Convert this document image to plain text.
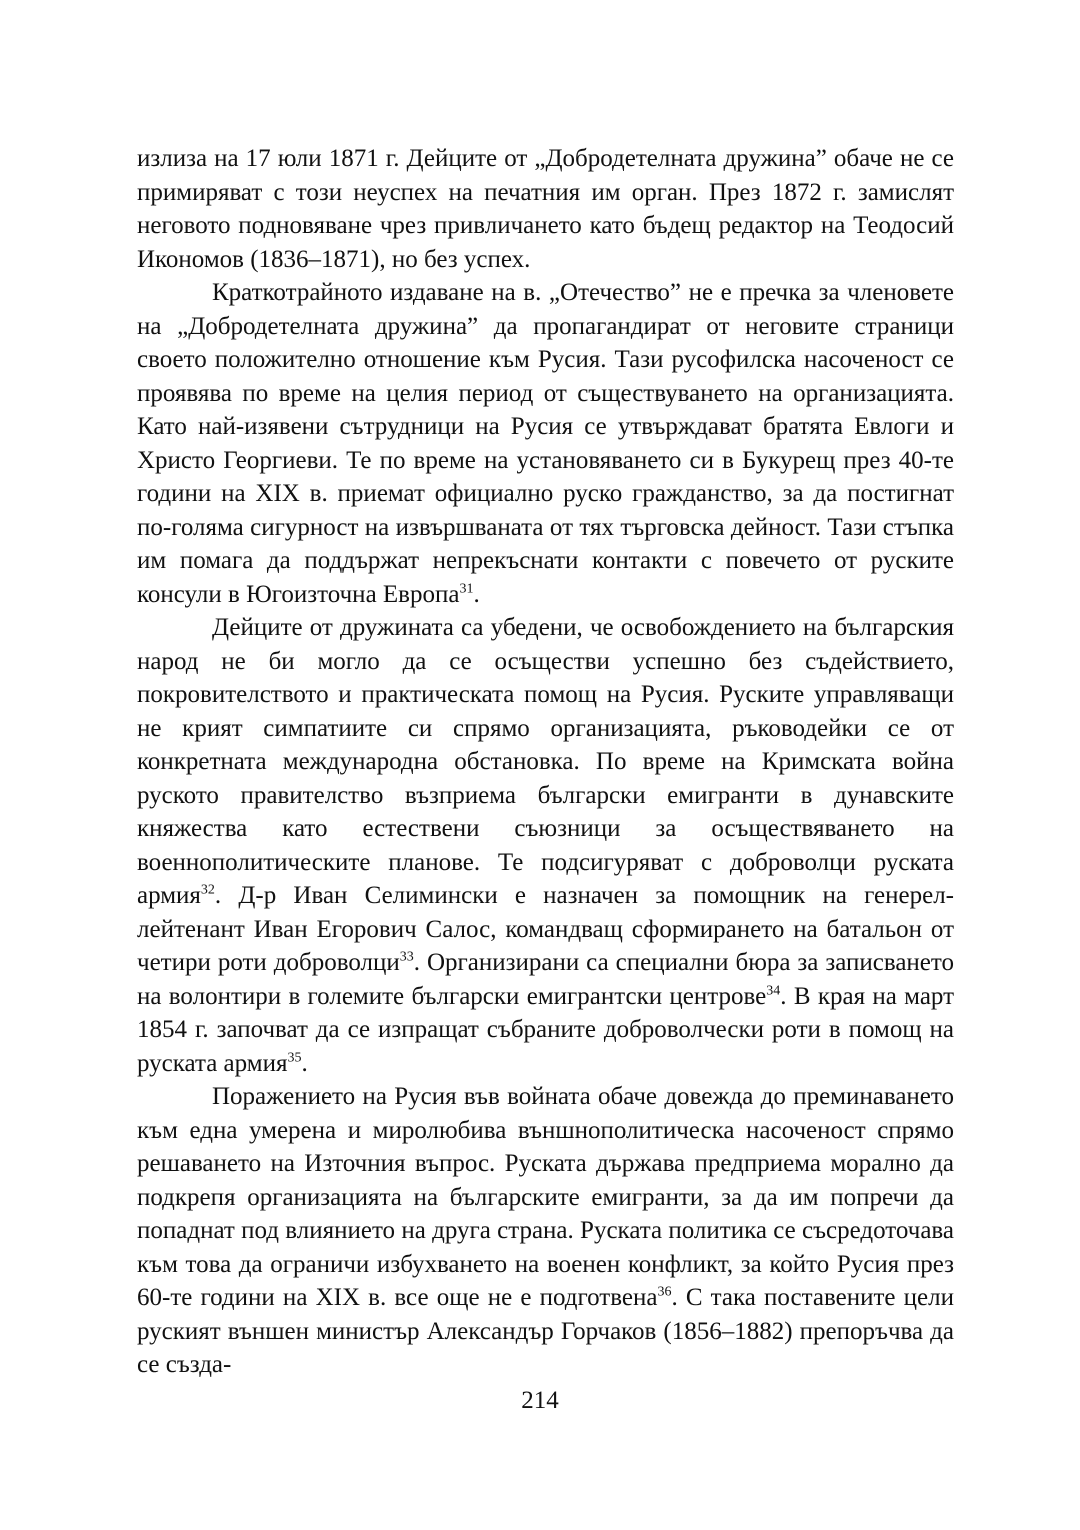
излиза на 17 юли 1871 г. Дейците от „Добродетелната дружина” обаче не се примиряват с този неуспех на печатния им орган. През 1872 г. замислят неговото подновяване чрез привличането като бъдещ редактор на Теодосий Икономов (1836–1871), но без успех.

Краткотрайното издаване на в. „Отечество” не е пречка за членовете на „Добродетелната дружина” да пропагандират от неговите страници своето положително отношение към Русия. Тази русофилска насоченост се проявява по време на целия период от съществуването на организацията. Като най-изявени сътрудници на Русия се утвърждават братята Евлоги и Христо Георгиеви. Те по време на установяването си в Букурещ през 40-те години на XIX в. приемат официално руско гражданство, за да постигнат по-голяма сигурност на извършваната от тях търговска дейност. Тази стъпка им помага да поддържат непрекъснати контакти с повечето от руските консули в Югоизточна Европа$^{31}$.

Дейците от дружината са убедени, че освобождението на българския народ не би могло да се осъществи успешно без съдействието, покровителството и практическата помощ на Русия. Руските управляващи не крият симпатиите си спрямо организацията, ръководейки се от конкретната международна обстановка. По време на Кримската война руското правителство възприема български емигранти в дунавските княжества като естествени съюзници за осъществяването на военнополитическите планове. Те подсигуряват с доброволци руската армия$^{32}$. Д-р Иван Селимински е назначен за помощник на генерел-лейтенант Иван Егорович Салос, командващ сформирането на батальон от четири роти доброволци$^{33}$. Организирани са специални бюра за записването на волонтири в големите български емигрантски центрове$^{34}$. В края на март 1854 г. започват да се изпращат събраните доброволчески роти в помощ на руската армия$^{35}$.

Поражението на Русия във войната обаче довежда до преминаването към една умерена и миролюбива външнополитическа насоченост спрямо решаването на Източния въпрос. Руската държава предприема морално да подкрепя организацията на българските емигранти, за да им попречи да попаднат под влиянието на друга страна. Руската политика се съсредоточава към това да ограничи избухването на военен конфликт, за който Русия през 60-те години на XIX в. все още не е подготвена$^{36}$. С така поставените цели руският външен министър Александър Горчаков (1856–1882) препоръчва да се създа-

214
